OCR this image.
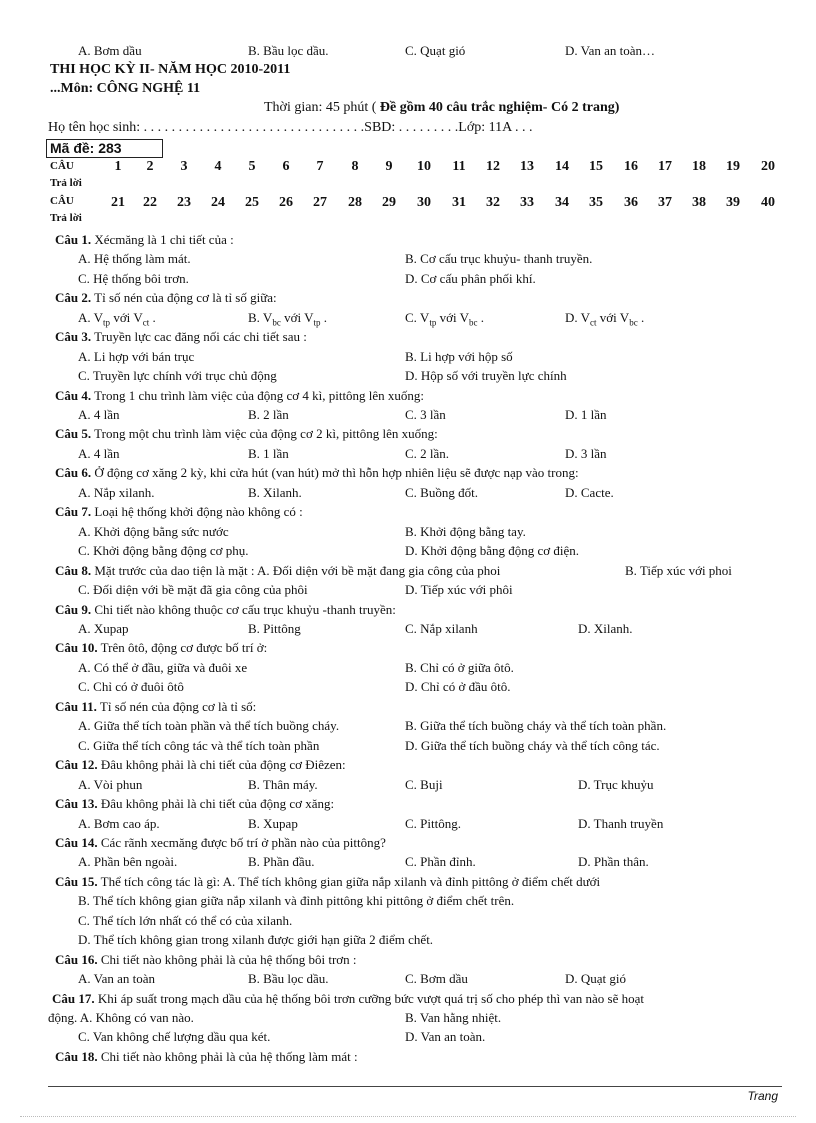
A. Bơm dầu	B. Bầu lọc dầu.	C. Quạt gió	D. Van an toàn…
THI HỌC KỲ II- NĂM HỌC 2010-2011
...Môn: CÔNG NGHỆ 11
Thời gian: 45 phút ( Đề gồm 40 câu trắc nghiệm- Có 2 trang)
Họ tên học sinh: . . . . . . . . . . . . . . . . . . . . . . . . . . . . . . . .SBD: . . . . . . . . .Lớp: 11A . . .
Mã đề: 283
CÂU
Trả lời
1	2	3	4	5	6	7	8	9	10	11	12	13	14	15	16	17	18	19	20
CÂU
Trả lời
21	22	23	24	25	26	27	28	29	30	31	32	33	34	35	36	37	38	39	40
Câu 1. Xécmăng là 1 chi tiết của :
A. Hệ thống làm mát.	B. Cơ cấu trục khuỷu- thanh truyền.
C. Hệ thống bôi trơn.	D. Cơ cấu phân phối khí.
Câu 2. Tỉ số nén của động cơ là tỉ số giữa:
A. $V_{tp}$ với $V_{ct}$ .	B. $V_{bc}$ với $V_{tp}$ .	C. $V_{tp}$ với $V_{bc}$ .	D. $V_{ct}$ với $V_{bc}$ .
Câu 3. Truyền lực cac đăng nối các chi tiết sau :
A. Li hợp với bán trục	B. Li hợp với hộp số
C. Truyền lực chính với trục chủ động	D. Hộp số với truyền lực chính
Câu 4. Trong 1 chu trình làm việc của động cơ 4 kì, pittông lên xuống:
A. 4 lần	B. 2 lần	C. 3 lần	D. 1 lần
Câu 5. Trong một chu trình làm việc của động cơ 2 kì, pittông lên xuống:
A. 4 lần	B. 1 lần	C. 2 lần.	D. 3 lần
Câu 6. Ở động cơ xăng 2 kỳ, khi cửa hút (van hút) mở thì hỗn hợp nhiên liệu sẽ được nạp vào trong:
A. Nắp xilanh.	B. Xilanh.	C. Buồng đốt.	D. Cacte.
Câu 7. Loại hệ thống khởi động nào không có :
A. Khởi động bằng sức nước	B. Khởi động bằng tay.
C. Khởi động bằng động cơ phụ.	D. Khởi động bằng động cơ điện.
Câu 8. Mặt trước của dao tiện là mặt : A. Đối diện với bề mặt đang gia công của phoi	B. Tiếp xúc với phoi
C. Đối diện với bề mặt đã gia công của phôi	D. Tiếp xúc với phôi
Câu 9. Chi tiết nào không thuộc cơ cấu trục khuỷu -thanh truyền:
A. Xupap	B. Pittông	C. Nắp xilanh	D. Xilanh.
Câu 10. Trên ôtô, động cơ được bố trí ở:
A. Có thể ở đầu, giữa và đuôi xe	B. Chỉ có ở giữa ôtô.
C. Chỉ có ở đuôi ôtô	D. Chỉ có ở đầu ôtô.
Câu 11. Tỉ số nén của động cơ là tỉ số:
A. Giữa thể tích toàn phần và thể tích buồng cháy.	B. Giữa thể tích buồng cháy và thể tích toàn phần.
C. Giữa thể tích công tác và thể tích toàn phần	D. Giữa thể tích buồng cháy và thể tích công tác.
Câu 12. Đâu không phải là chi tiết của động cơ Điêzen:
A. Vòi phun	B. Thân máy.	C. Buji	D. Trục khuỷu
Câu 13. Đâu không phải là chi tiết của động cơ xăng:
A. Bơm cao áp.	B. Xupap	C. Pittông.	D. Thanh truyền
Câu 14. Các rãnh xecmăng được bố trí ở phần nào của pittông?
A. Phần bên ngoài.	B. Phần đầu.	C. Phần đỉnh.	D. Phần thân.
Câu 15. Thể tích công tác là gì: A. Thể tích không gian giữa nắp xilanh và đỉnh pittông ở điểm chết dưới
B. Thể tích không gian giữa nắp xilanh và đỉnh pittông khi pittông ở điểm chết trên.
C. Thể tích lớn nhất có thể có của xilanh.
D. Thể tích không gian trong xilanh được giới hạn giữa 2 điểm chết.
Câu 16. Chi tiết nào không phải là của hệ thống bôi trơn :
A. Van an toàn	B. Bầu lọc dầu.	C. Bơm dầu	D. Quạt gió
Câu 17. Khi áp suất trong mạch dầu của hệ thống bôi trơn cưỡng bức vượt quá trị số cho phép thì van nào sẽ hoạt
động. A. Không có van nào.	B. Van hằng nhiệt.
C. Van không chế lượng dầu qua két.	D. Van an toàn.
Câu 18. Chi tiết nào không phải là của hệ thống làm mát :
Trang
